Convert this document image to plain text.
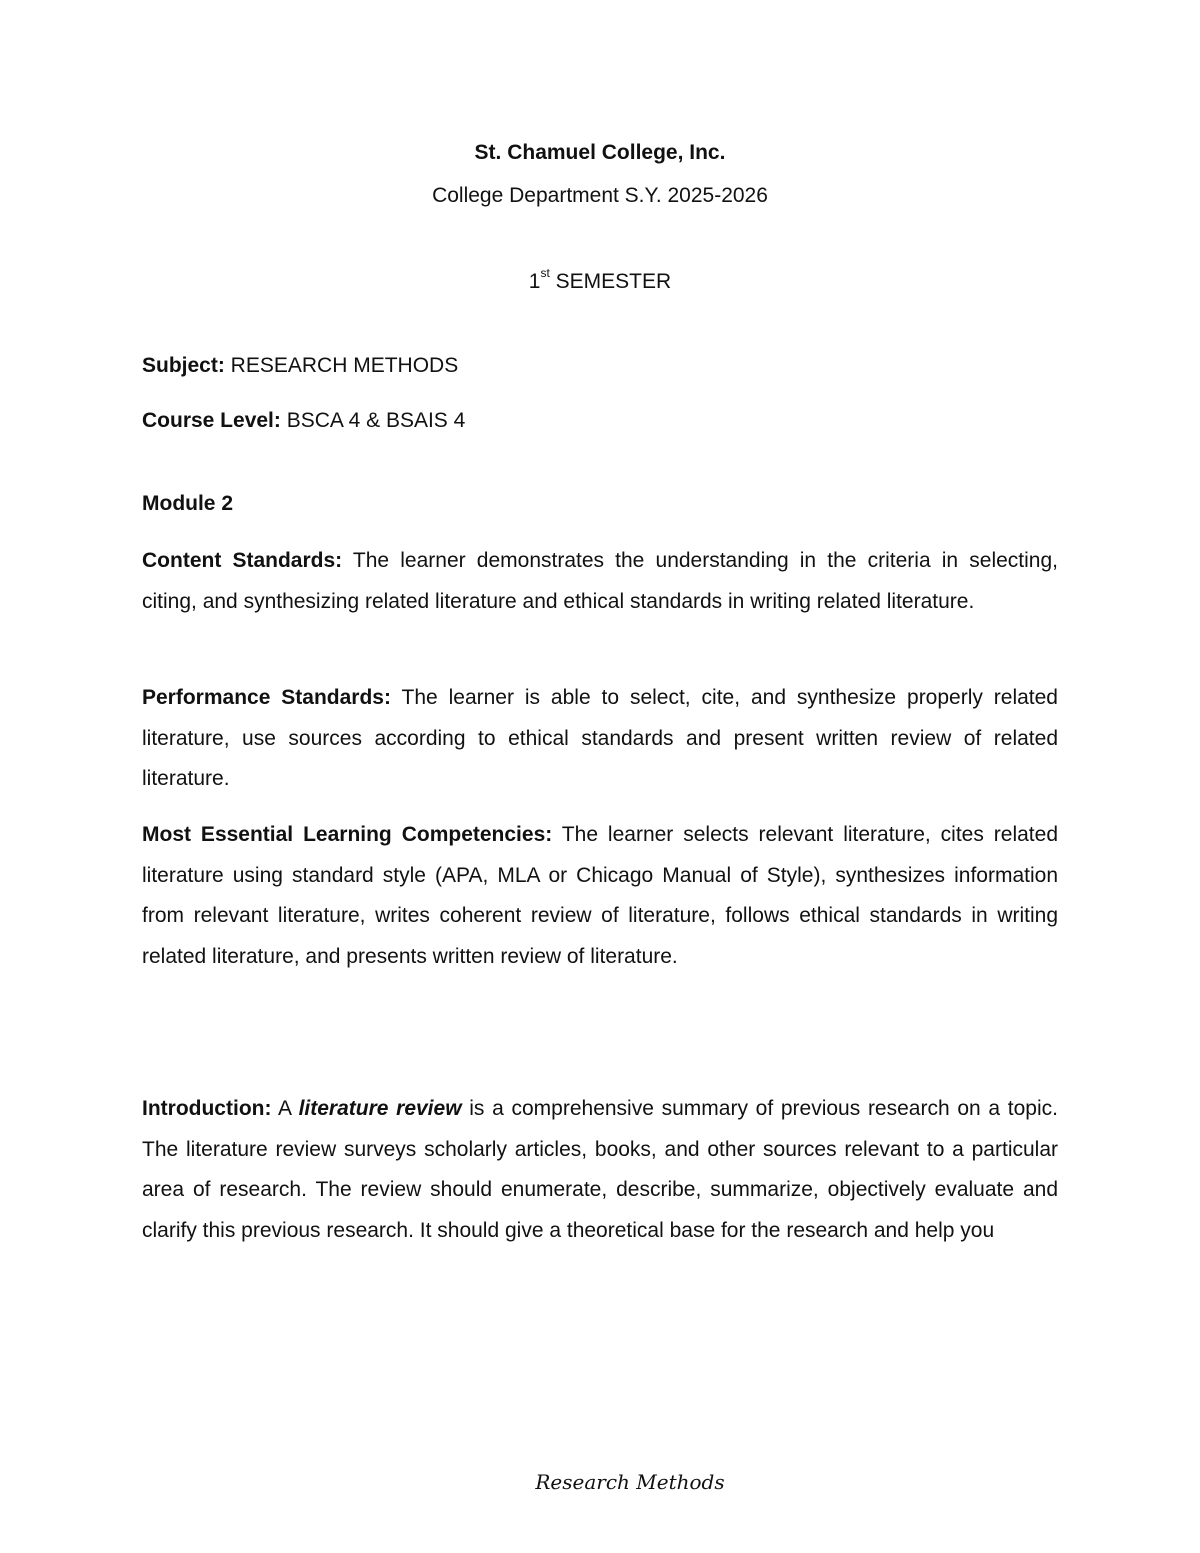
St. Chamuel College, Inc.
College Department S.Y. 2025-2026
1st SEMESTER
Subject: RESEARCH METHODS
Course Level: BSCA 4 & BSAIS 4
Module 2

Content Standards: The learner demonstrates the understanding in the criteria in selecting, citing, and synthesizing related literature and ethical standards in writing related literature.

Performance Standards: The learner is able to select, cite, and synthesize properly related literature, use sources according to ethical standards and present written review of related literature.

Most Essential Learning Competencies: The learner selects relevant literature, cites related literature using standard style (APA, MLA or Chicago Manual of Style), synthesizes information from relevant literature, writes coherent review of literature, follows ethical standards in writing related literature, and presents written review of literature.

Introduction: A literature review is a comprehensive summary of previous research on a topic. The literature review surveys scholarly articles, books, and other sources relevant to a particular area of research. The review should enumerate, describe, summarize, objectively evaluate and clarify this previous research. It should give a theoretical base for the research and help you

Research Methods
